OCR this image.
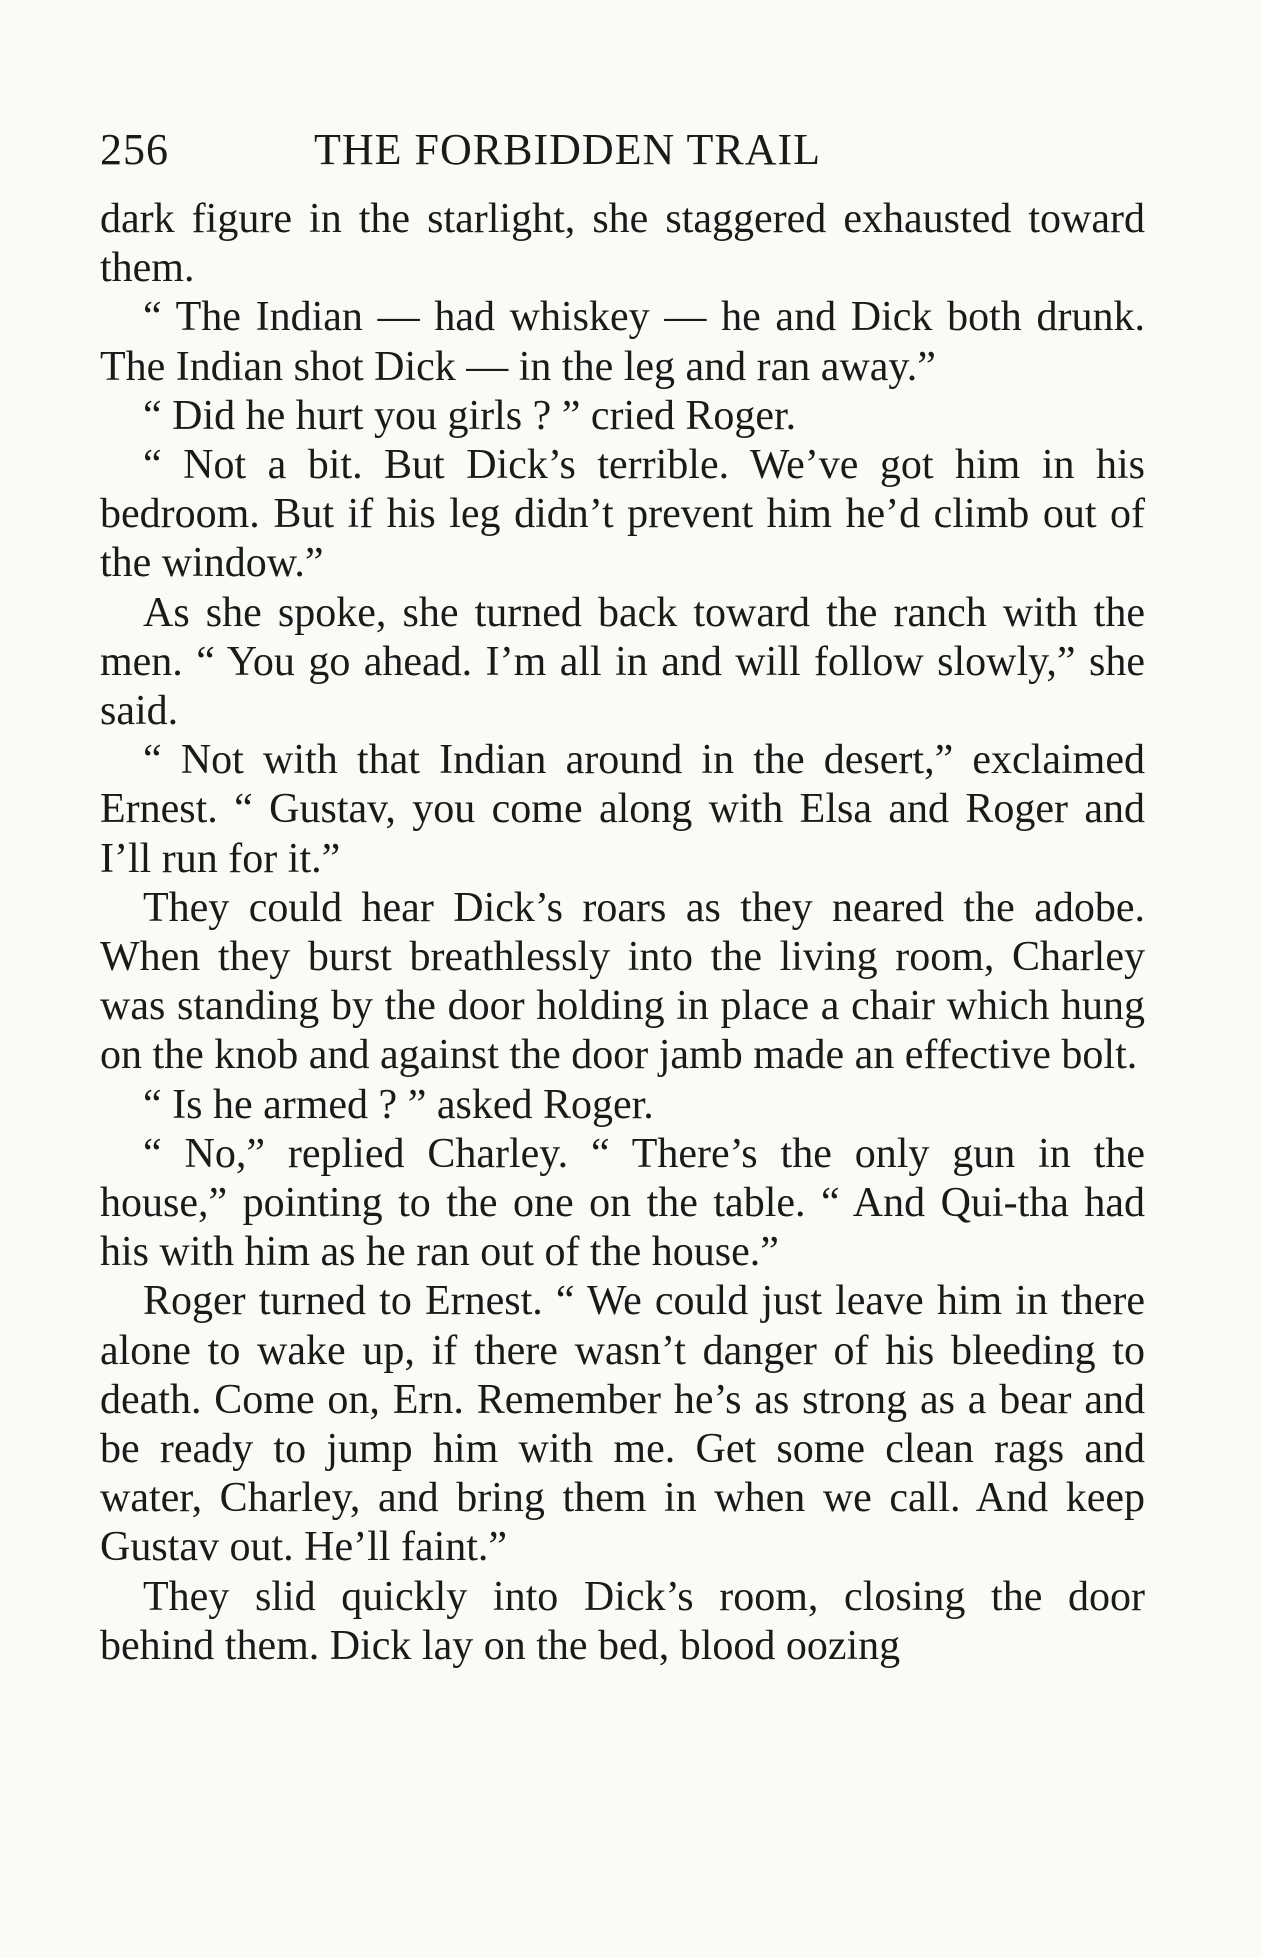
256	THE FORBIDDEN TRAIL

dark figure in the starlight, she staggered exhausted toward them.

“ The Indian — had whiskey — he and Dick both drunk. The Indian shot Dick — in the leg and ran away.”

“ Did he hurt you girls ? ” cried Roger.

“ Not a bit. But Dick’s terrible. We’ve got him in his bedroom. But if his leg didn’t prevent him he’d climb out of the window.”

As she spoke, she turned back toward the ranch with the men. “ You go ahead. I’m all in and will follow slowly,” she said.

“ Not with that Indian around in the desert,” exclaimed Ernest. “ Gustav, you come along with Elsa and Roger and I’ll run for it.”

They could hear Dick’s roars as they neared the adobe. When they burst breathlessly into the living room, Charley was standing by the door holding in place a chair which hung on the knob and against the door jamb made an effective bolt.

“ Is he armed ? ” asked Roger.

“ No,” replied Charley. “ There’s the only gun in the house,” pointing to the one on the table. “ And Qui-tha had his with him as he ran out of the house.”

Roger turned to Ernest. “ We could just leave him in there alone to wake up, if there wasn’t danger of his bleeding to death. Come on, Ern. Remember he’s as strong as a bear and be ready to jump him with me. Get some clean rags and water, Charley, and bring them in when we call. And keep Gustav out. He’ll faint.”

They slid quickly into Dick’s room, closing the door behind them. Dick lay on the bed, blood oozing
